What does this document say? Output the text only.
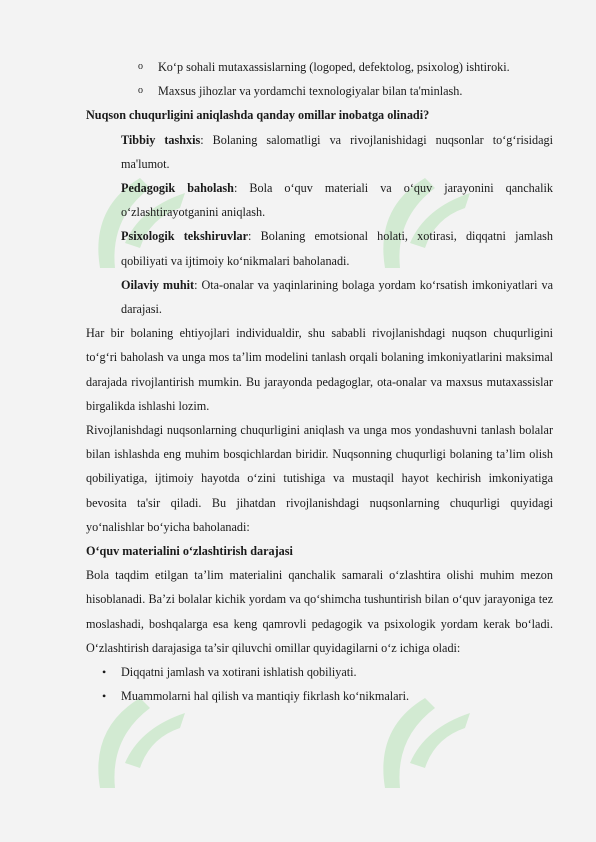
o Ko‘p sohali mutaxassislarning (logoped, defektolog, psixolog) ishtiroki.
o Maxsus jihozlar va yordamchi texnologiyalar bilan ta'minlash.

Nuqson chuqurligini aniqlashda qanday omillar inobatga olinadi?

Tibbiy tashxis: Bolaning salomatligi va rivojlanishidagi nuqsonlar to‘g‘risidagi ma'lumot.

Pedagogik baholash: Bola o‘quv materiali va o‘quv jarayonini qanchalik o‘zlashtirayotganini aniqlash.

Psixologik tekshiruvlar: Bolaning emotsional holati, xotirasi, diqqatni jamlash qobiliyati va ijtimoiy ko‘nikmalari baholanadi.

Oilaviy muhit: Ota-onalar va yaqinlarining bolaga yordam ko‘rsatish imkoniyatlari va darajasi.

Har bir bolaning ehtiyojlari individualdir, shu sababli rivojlanishdagi nuqson chuqurligini to‘g‘ri baholash va unga mos ta’lim modelini tanlash orqali bolaning imkoniyatlarini maksimal darajada rivojlantirish mumkin. Bu jarayonda pedagoglar, ota-onalar va maxsus mutaxassislar birgalikda ishlashi lozim.

Rivojlanishdagi nuqsonlarning chuqurligini aniqlash va unga mos yondashuvni tanlash bolalar bilan ishlashda eng muhim bosqichlardan biridir. Nuqsonning chuqurligi bolaning ta’lim olish qobiliyatiga, ijtimoiy hayotda o‘zini tutishiga va mustaqil hayot kechirish imkoniyatiga bevosita ta'sir qiladi. Bu jihatdan rivojlanishdagi nuqsonlarning chuqurligi quyidagi yo‘nalishlar bo‘yicha baholanadi:

O‘quv materialini o‘zlashtirish darajasi

Bola taqdim etilgan ta’lim materialini qanchalik samarali o‘zlashtira olishi muhim mezon hisoblanadi. Ba’zi bolalar kichik yordam va qo‘shimcha tushuntirish bilan o‘quv jarayoniga tez moslashadi, boshqalarga esa keng qamrovli pedagogik va psixologik yordam kerak bo‘ladi. O‘zlashtirish darajasiga ta’sir qiluvchi omillar quyidagilarni o‘z ichiga oladi:

• Diqqatni jamlash va xotirani ishlatish qobiliyati.
• Muammolarni hal qilish va mantiqiy fikrlash ko‘nikmalari.
